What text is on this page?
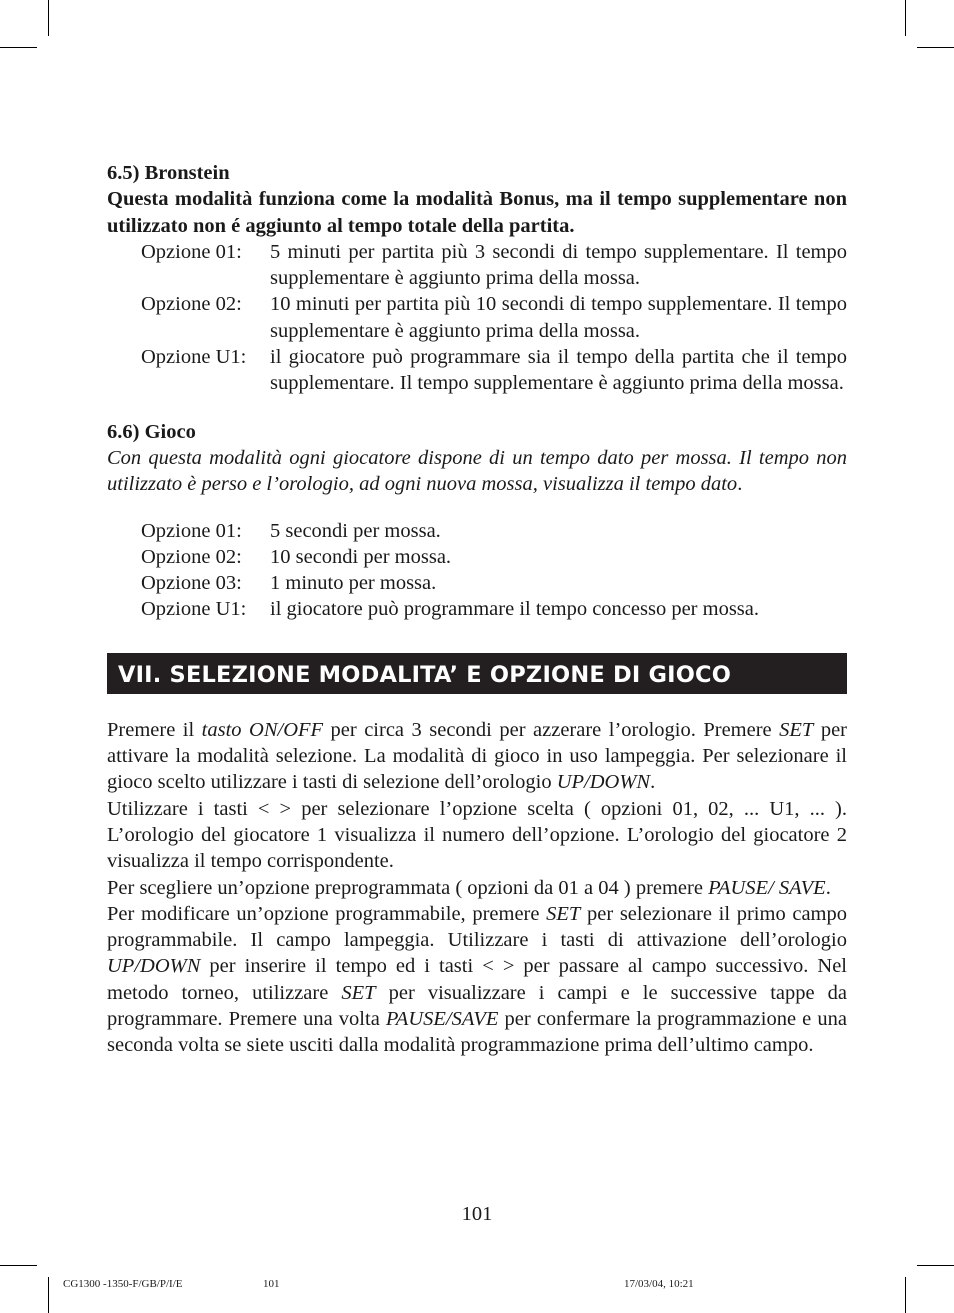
6.5) Bronstein
Questa modalità funziona come la modalità Bonus, ma il tempo supplementare non utilizzato non é aggiunto al tempo totale della partita.
Opzione 01:	5 minuti per partita più 3 secondi di tempo supplementare. Il tempo supplementare è aggiunto prima della mossa.
Opzione 02:	10 minuti per partita più 10 secondi di tempo supplementare. Il tempo supplementare è aggiunto prima della mossa.
Opzione U1:	il giocatore può programmare sia il tempo della partita che il tempo supplementare. Il tempo supplementare è aggiunto prima della mossa.
6.6) Gioco
Con questa modalità ogni giocatore dispone di un tempo dato per mossa. Il tempo non utilizzato è perso e l’orologio, ad ogni nuova mossa, visualizza il tempo dato.
Opzione 01:	5 secondi per mossa.
Opzione 02:	10 secondi per mossa.
Opzione 03:	1 minuto per mossa.
Opzione U1:	il giocatore può programmare il tempo concesso per mossa.
VII. SELEZIONE MODALITA’ E OPZIONE DI GIOCO
Premere il tasto ON/OFF per circa 3 secondi per azzerare l’orologio. Premere SET per attivare la modalità selezione. La modalità di gioco in uso lampeggia. Per selezionare il gioco scelto utilizzare i tasti di selezione dell’orologio UP/DOWN.
Utilizzare i tasti < > per selezionare l’opzione scelta ( opzioni 01, 02, ... U1, ... ). L’orologio del giocatore 1 visualizza il numero dell’opzione. L’orologio del giocatore 2 visualizza il tempo corrispondente.
Per scegliere un’opzione preprogrammata ( opzioni da 01 a 04 ) premere PAUSE/ SAVE.
Per modificare un’opzione programmabile, premere SET per selezionare il primo campo programmabile. Il campo lampeggia. Utilizzare i tasti di attivazione dell’orologio UP/DOWN per inserire il tempo ed i tasti < > per passare al campo successivo. Nel metodo torneo, utilizzare SET per visualizzare i campi e le successive tappe da programmare. Premere una volta PAUSE/SAVE per confermare la programmazione e una seconda volta se siete usciti dalla modalità programmazione prima dell’ultimo campo.
101
CG1300 -1350-F/GB/P/I/E	101	17/03/04, 10:21
